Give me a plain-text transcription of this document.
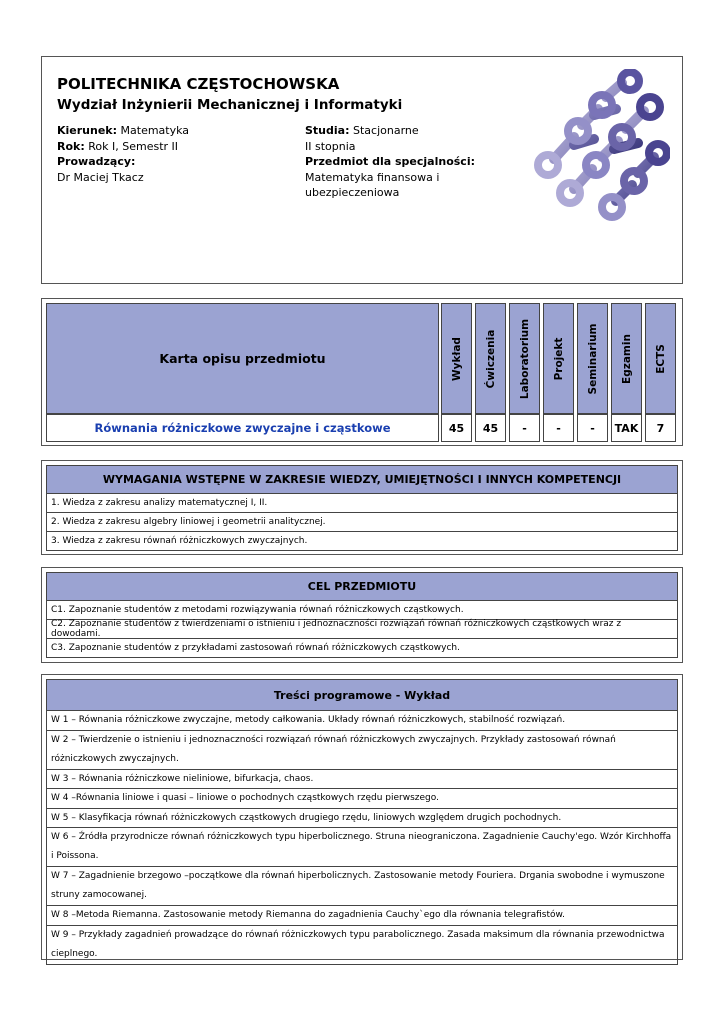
POLITECHNIKA CZĘSTOCHOWSKA
Wydział Inżynierii Mechanicznej i Informatyki
Kierunek: Matematyka
Rok: Rok I, Semestr II
Prowadzący:
Dr Maciej Tkacz
Studia: Stacjonarne
II stopnia
Przedmiot dla specjalności:
Matematyka finansowa i
ubezpieczeniowa
Karta opisu przedmiotu
Równania różniczkowe zwyczajne i cząstkowe
Wykład Ćwiczenia Laboratorium Projekt Seminarium Egzamin ECTS
45	45	-	-	-	TAK	7
WYMAGANIA WSTĘPNE W ZAKRESIE WIEDZY, UMIEJĘTNOŚCI I INNYCH KOMPETENCJI
1. Wiedza z zakresu analizy matematycznej I, II.
2. Wiedza z zakresu algebry liniowej i geometrii analitycznej.
3. Wiedza z zakresu równań różniczkowych zwyczajnych.
CEL PRZEDMIOTU
C1. Zapoznanie studentów z metodami rozwiązywania równań różniczkowych cząstkowych.
C2. Zapoznanie studentów z twierdzeniami o istnieniu i jednoznaczności rozwiązań równań różniczkowych cząstkowych wraz z dowodami.
C3. Zapoznanie studentów z przykładami zastosowań równań różniczkowych cząstkowych.
Treści programowe - Wykład
W 1 – Równania różniczkowe zwyczajne, metody całkowania. Układy równań różniczkowych, stabilność rozwiązań.
W 2 – Twierdzenie o istnieniu i jednoznaczności rozwiązań równań różniczkowych zwyczajnych. Przykłady zastosowań równań różniczkowych zwyczajnych.
W 3 – Równania różniczkowe nieliniowe, bifurkacja, chaos.
W 4 –Równania liniowe i quasi – liniowe o pochodnych cząstkowych rzędu pierwszego.
W 5 – Klasyfikacja równań różniczkowych cząstkowych drugiego rzędu, liniowych względem drugich pochodnych.
W 6 – Źródła przyrodnicze równań różniczkowych typu hiperbolicznego. Struna nieograniczona. Zagadnienie Cauchy'ego. Wzór Kirchhoffa i Poissona.
W 7 – Zagadnienie brzegowo –początkowe dla równań hiperbolicznych. Zastosowanie metody Fouriera. Drgania swobodne i wymuszone struny zamocowanej.
W 8 –Metoda Riemanna. Zastosowanie metody Riemanna do zagadnienia Cauchy`ego dla równania telegrafistów.
W 9 – Przykłady zagadnień prowadzące do równań różniczkowych typu parabolicznego. Zasada maksimum dla równania przewodnictwa cieplnego.
